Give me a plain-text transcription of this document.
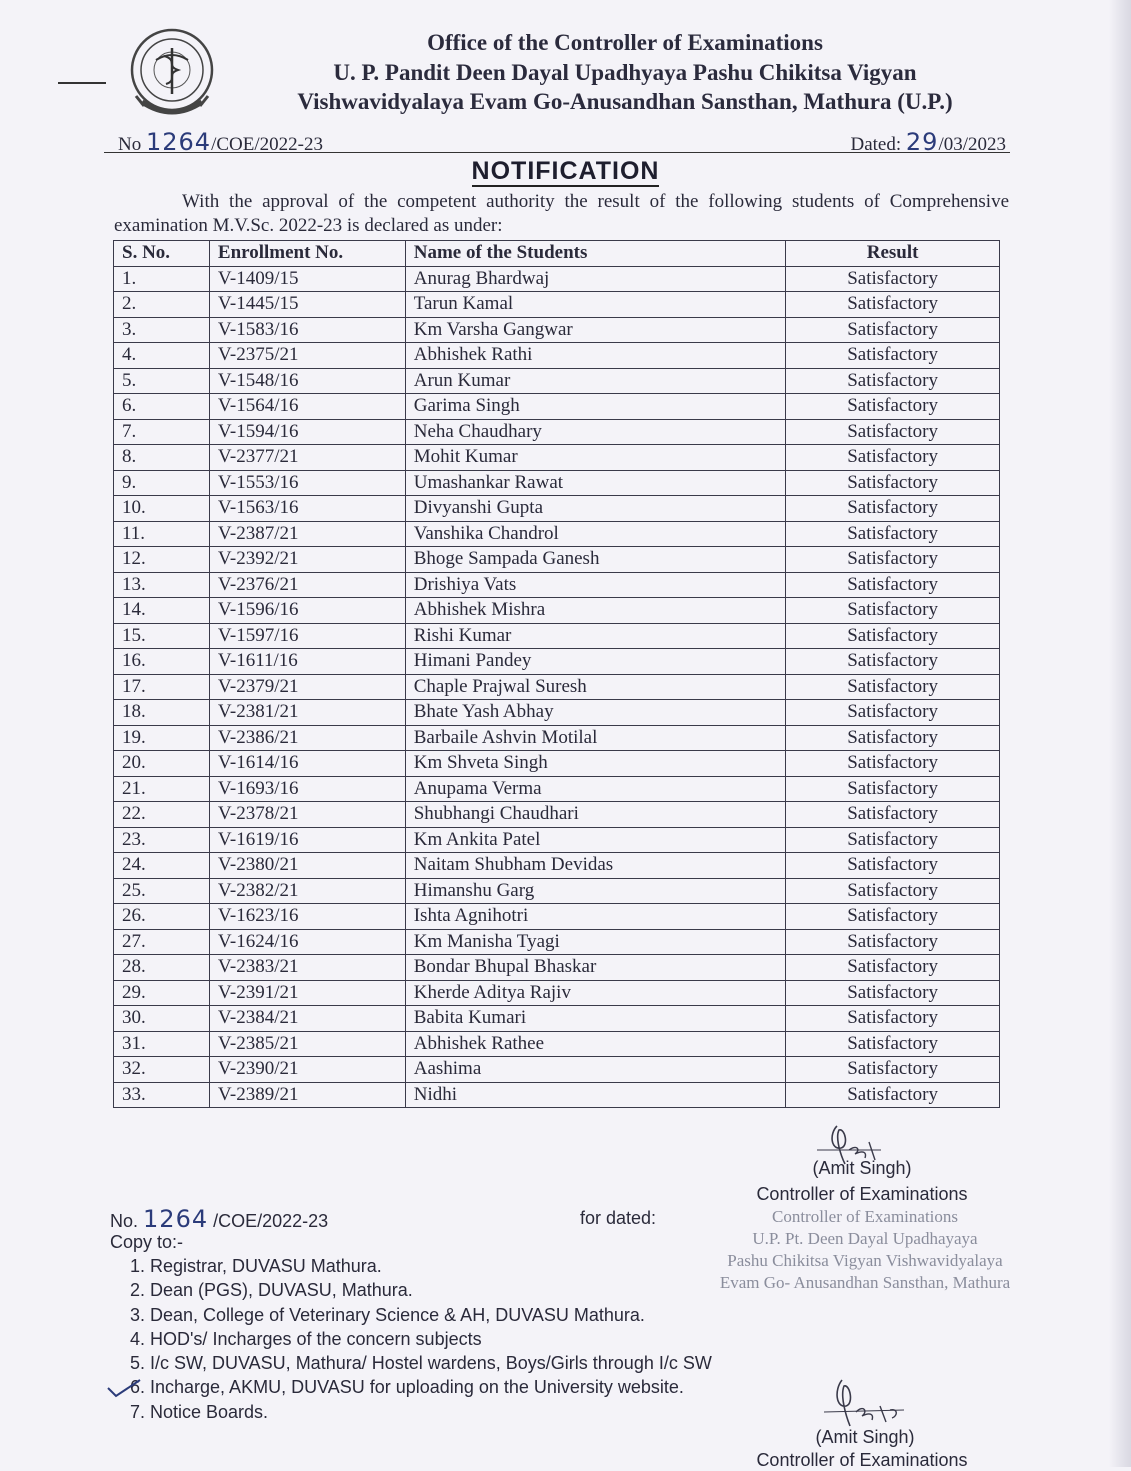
Office of the Controller of Examinations
U. P. Pandit Deen Dayal Upadhyaya Pashu Chikitsa Vigyan
Vishwavidyalaya Evam Go-Anusandhan Sansthan, Mathura (U.P.)
No 1264/COE/2022-23	Dated: 29/03/2023
NOTIFICATION
With the approval of the competent authority the result of the following students of Comprehensive examination M.V.Sc. 2022-23 is declared as under:
S. No.	Enrollment No.	Name of the Students	Result
1.	V-1409/15	Anurag Bhardwaj	Satisfactory
2.	V-1445/15	Tarun Kamal	Satisfactory
3.	V-1583/16	Km Varsha Gangwar	Satisfactory
4.	V-2375/21	Abhishek Rathi	Satisfactory
5.	V-1548/16	Arun Kumar	Satisfactory
6.	V-1564/16	Garima Singh	Satisfactory
7.	V-1594/16	Neha Chaudhary	Satisfactory
8.	V-2377/21	Mohit Kumar	Satisfactory
9.	V-1553/16	Umashankar Rawat	Satisfactory
10.	V-1563/16	Divyanshi Gupta	Satisfactory
11.	V-2387/21	Vanshika Chandrol	Satisfactory
12.	V-2392/21	Bhoge Sampada Ganesh	Satisfactory
13.	V-2376/21	Drishiya Vats	Satisfactory
14.	V-1596/16	Abhishek Mishra	Satisfactory
15.	V-1597/16	Rishi Kumar	Satisfactory
16.	V-1611/16	Himani Pandey	Satisfactory
17.	V-2379/21	Chaple Prajwal Suresh	Satisfactory
18.	V-2381/21	Bhate Yash Abhay	Satisfactory
19.	V-2386/21	Barbaile Ashvin Motilal	Satisfactory
20.	V-1614/16	Km Shveta Singh	Satisfactory
21.	V-1693/16	Anupama Verma	Satisfactory
22.	V-2378/21	Shubhangi Chaudhari	Satisfactory
23.	V-1619/16	Km Ankita Patel	Satisfactory
24.	V-2380/21	Naitam Shubham Devidas	Satisfactory
25.	V-2382/21	Himanshu Garg	Satisfactory
26.	V-1623/16	Ishta Agnihotri	Satisfactory
27.	V-1624/16	Km Manisha Tyagi	Satisfactory
28.	V-2383/21	Bondar Bhupal Bhaskar	Satisfactory
29.	V-2391/21	Kherde Aditya Rajiv	Satisfactory
30.	V-2384/21	Babita Kumari	Satisfactory
31.	V-2385/21	Abhishek Rathee	Satisfactory
32.	V-2390/21	Aashima	Satisfactory
33.	V-2389/21	Nidhi	Satisfactory
(Amit Singh)
Controller of Examinations
Controller of Examinations
U.P. Pt. Deen Dayal Upadhayaya
Pashu Chikitsa Vigyan Vishwavidyalaya
Evam Go- Anusandhan Sansthan, Mathura
No. 1264 /COE/2022-23	for dated:
Copy to:-
1. Registrar, DUVASU Mathura.
2. Dean (PGS), DUVASU, Mathura.
3. Dean, College of Veterinary Science & AH, DUVASU Mathura.
4. HOD's/ Incharges of the concern subjects
5. I/c SW, DUVASU, Mathura/ Hostel wardens, Boys/Girls through I/c SW
6. Incharge, AKMU, DUVASU for uploading on the University website.
7. Notice Boards.
(Amit Singh)
Controller of Examinations
